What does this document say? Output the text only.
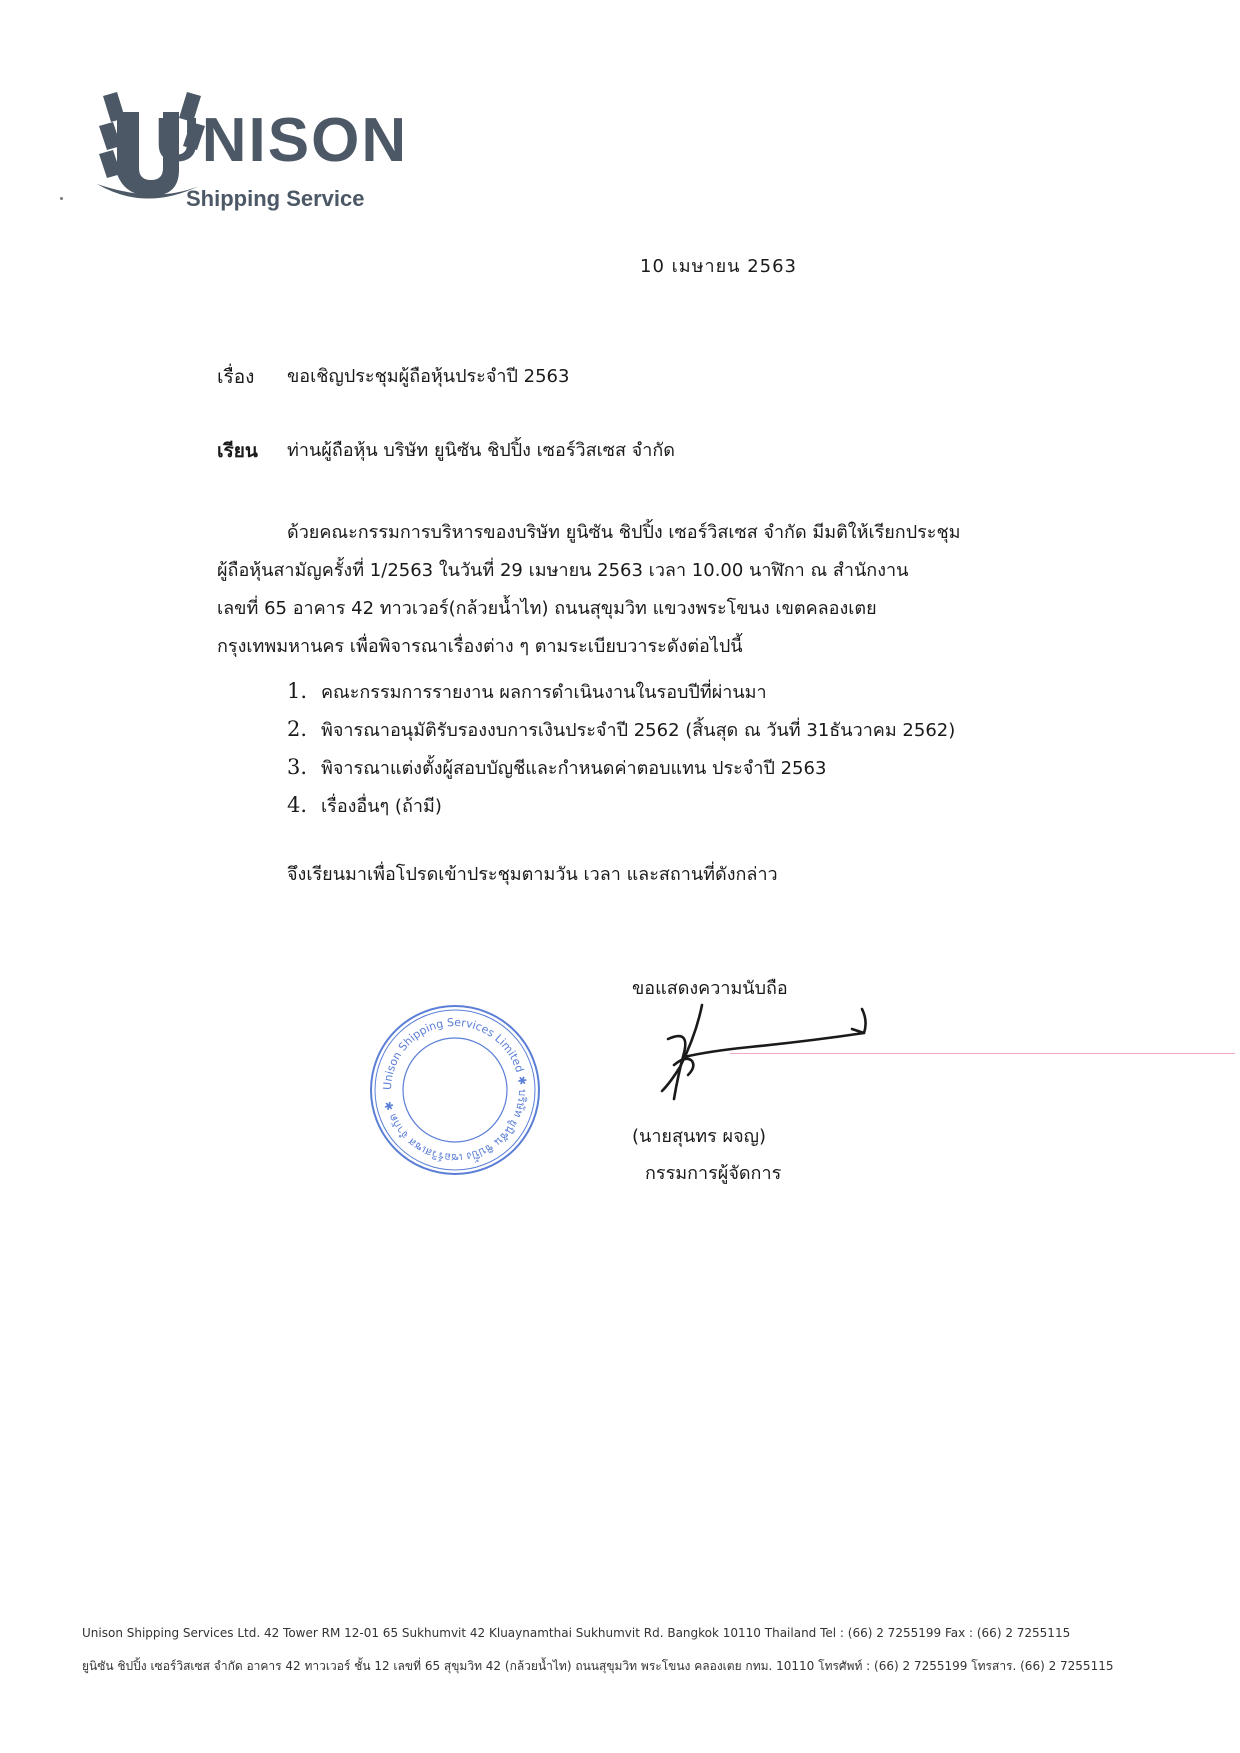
UNISON
Shipping Service
10 เมษายน 2563
เรื่อง ขอเชิญประชุมผู้ถือหุ้นประจำปี 2563
เรียน ท่านผู้ถือหุ้น บริษัท ยูนิซัน ชิปปิ้ง เซอร์วิสเซส จำกัด
ด้วยคณะกรรมการบริหารของบริษัท ยูนิซัน ชิปปิ้ง เซอร์วิสเซส จำกัด มีมติให้เรียกประชุม
ผู้ถือหุ้นสามัญครั้งที่ 1/2563 ในวันที่ 29 เมษายน 2563 เวลา 10.00 นาฬิกา ณ สำนักงาน
เลขที่ 65 อาคาร 42 ทาวเวอร์(กล้วยน้ำไท) ถนนสุขุมวิท แขวงพระโขนง เขตคลองเตย
กรุงเทพมหานคร เพื่อพิจารณาเรื่องต่าง ๆ ตามระเบียบวาระดังต่อไปนี้
1. คณะกรรมการรายงาน ผลการดำเนินงานในรอบปีที่ผ่านมา
2. พิจารณาอนุมัติรับรองงบการเงินประจำปี 2562 (สิ้นสุด ณ วันที่ 31ธันวาคม 2562)
3. พิจารณาแต่งตั้งผู้สอบบัญชีและกำหนดค่าตอบแทน ประจำปี 2563
4. เรื่องอื่นๆ (ถ้ามี)
จึงเรียนมาเพื่อโปรดเข้าประชุมตามวัน เวลา และสถานที่ดังกล่าว
ขอแสดงความนับถือ
(นายสุนทร ผจญ)
กรรมการผู้จัดการ
Unison Shipping Services Limited ✱ บริษัท ยูนิซัน ชิปปิ้ง เซอร์วิสเซส จำกัด ✱
Unison Shipping Services Ltd. 42 Tower RM 12-01 65 Sukhumvit 42 Kluaynamthai Sukhumvit Rd. Bangkok 10110 Thailand Tel : (66) 2 7255199 Fax : (66) 2 7255115
ยูนิซัน ชิปปิ้ง เซอร์วิสเซส จำกัด อาคาร 42 ทาวเวอร์ ชั้น 12 เลขที่ 65 สุขุมวิท 42 (กล้วยน้ำไท) ถนนสุขุมวิท พระโขนง คลองเตย กทม. 10110 โทรศัพท์ : (66) 2 7255199 โทรสาร. (66) 2 7255115
